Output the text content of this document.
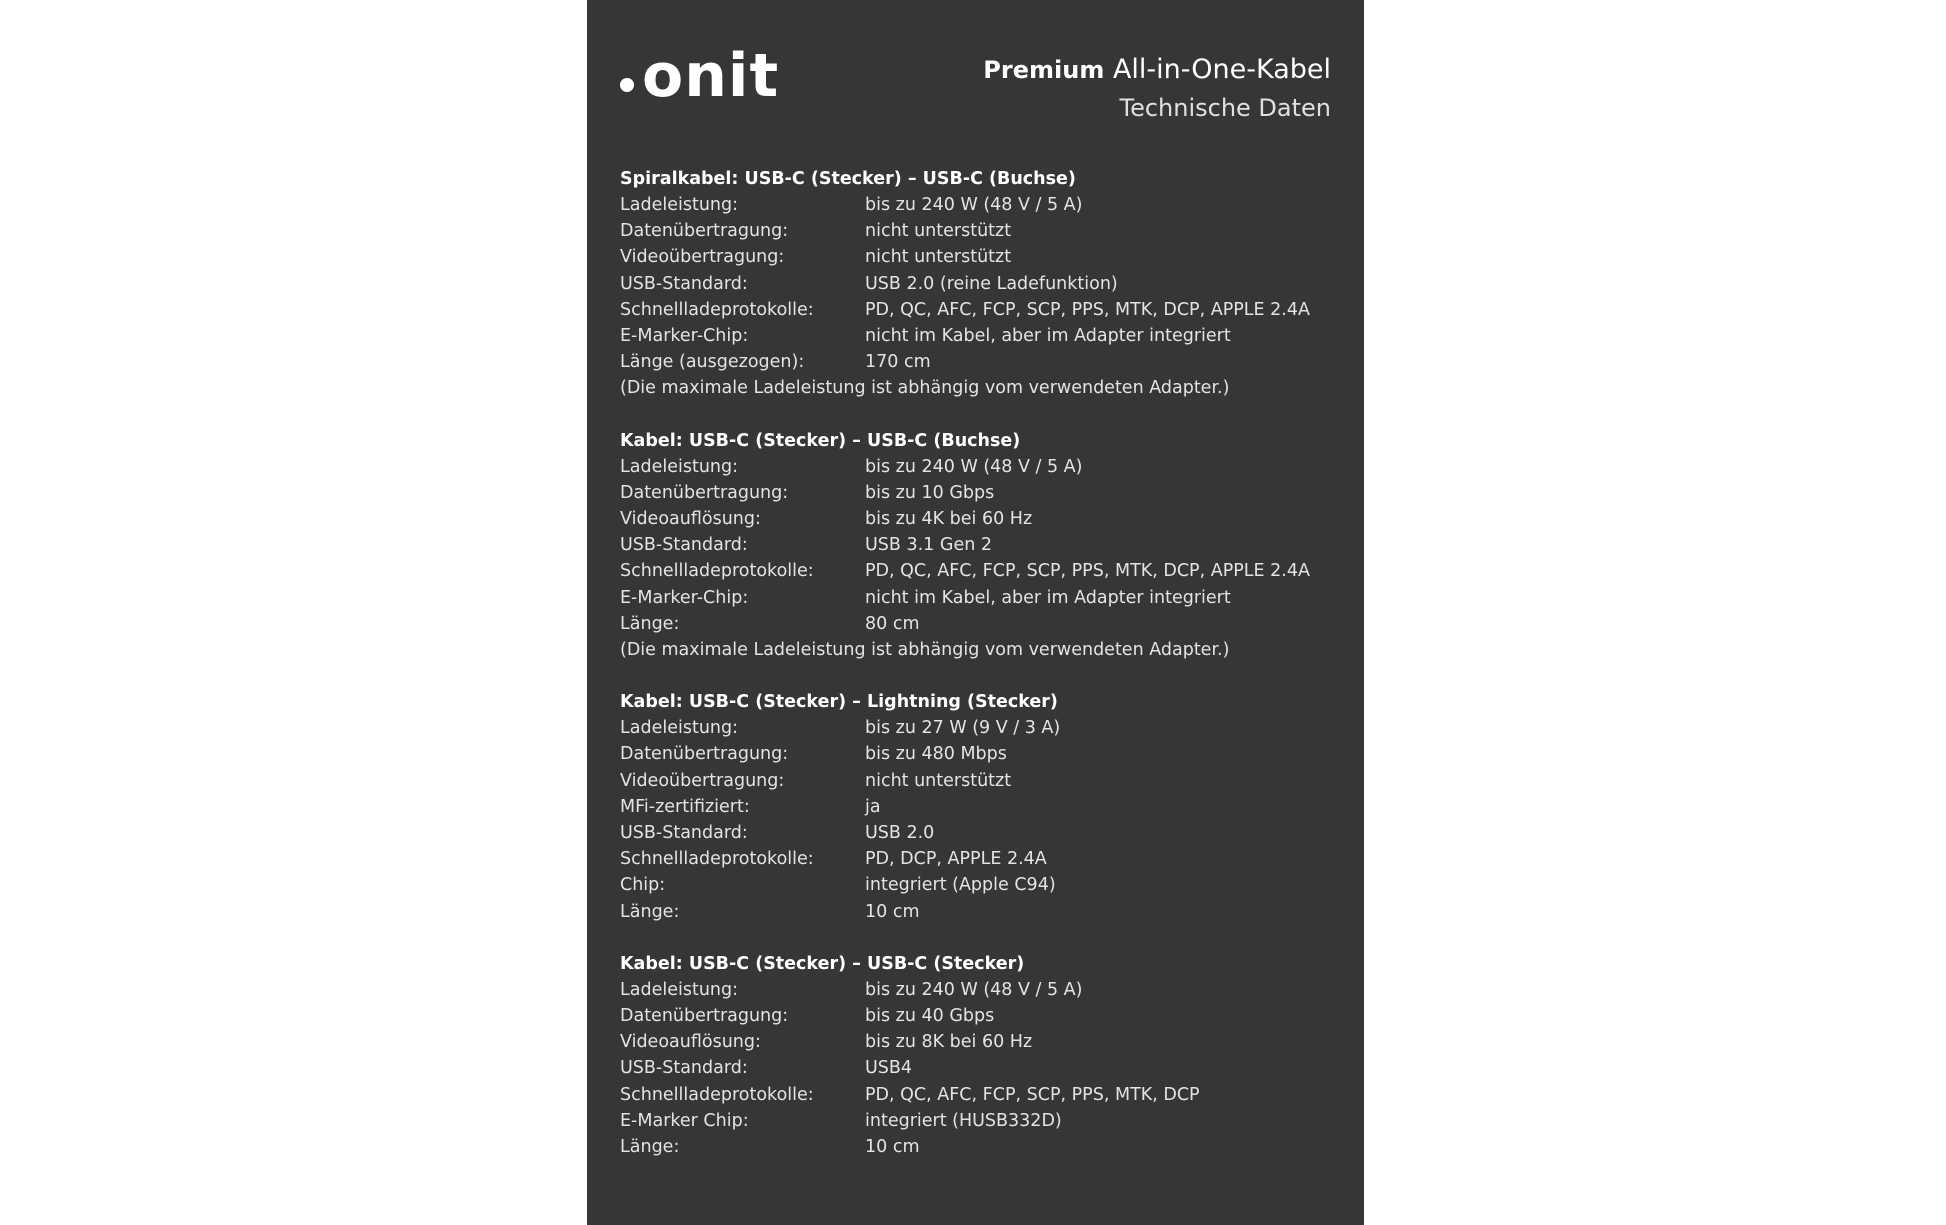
onit	Premium All-in-One-Kabel
Technische Daten
Spiralkabel: USB-C (Stecker) – USB-C (Buchse)
Ladeleistung:	bis zu 240 W (48 V / 5 A)
Datenübertragung:	nicht unterstützt
Videoübertragung:	nicht unterstützt
USB-Standard:	USB 2.0 (reine Ladefunktion)
Schnellladeprotokolle:	PD, QC, AFC, FCP, SCP, PPS, MTK, DCP, APPLE 2.4A
E-Marker-Chip:	nicht im Kabel, aber im Adapter integriert
Länge (ausgezogen):	170 cm
(Die maximale Ladeleistung ist abhängig vom verwendeten Adapter.)
Kabel: USB-C (Stecker) – USB-C (Buchse)
Ladeleistung:	bis zu 240 W (48 V / 5 A)
Datenübertragung:	bis zu 10 Gbps
Videoauflösung:	bis zu 4K bei 60 Hz
USB-Standard:	USB 3.1 Gen 2
Schnellladeprotokolle:	PD, QC, AFC, FCP, SCP, PPS, MTK, DCP, APPLE 2.4A
E-Marker-Chip:	nicht im Kabel, aber im Adapter integriert
Länge:	80 cm
(Die maximale Ladeleistung ist abhängig vom verwendeten Adapter.)
Kabel: USB-C (Stecker) – Lightning (Stecker)
Ladeleistung:	bis zu 27 W (9 V / 3 A)
Datenübertragung:	bis zu 480 Mbps
Videoübertragung:	nicht unterstützt
MFi-zertifiziert:	ja
USB-Standard:	USB 2.0
Schnellladeprotokolle:	PD, DCP, APPLE 2.4A
Chip:	integriert (Apple C94)
Länge:	10 cm
Kabel: USB-C (Stecker) – USB-C (Stecker)
Ladeleistung:	bis zu 240 W (48 V / 5 A)
Datenübertragung:	bis zu 40 Gbps
Videoauflösung:	bis zu 8K bei 60 Hz
USB-Standard:	USB4
Schnellladeprotokolle:	PD, QC, AFC, FCP, SCP, PPS, MTK, DCP
E-Marker Chip:	integriert (HUSB332D)
Länge:	10 cm
